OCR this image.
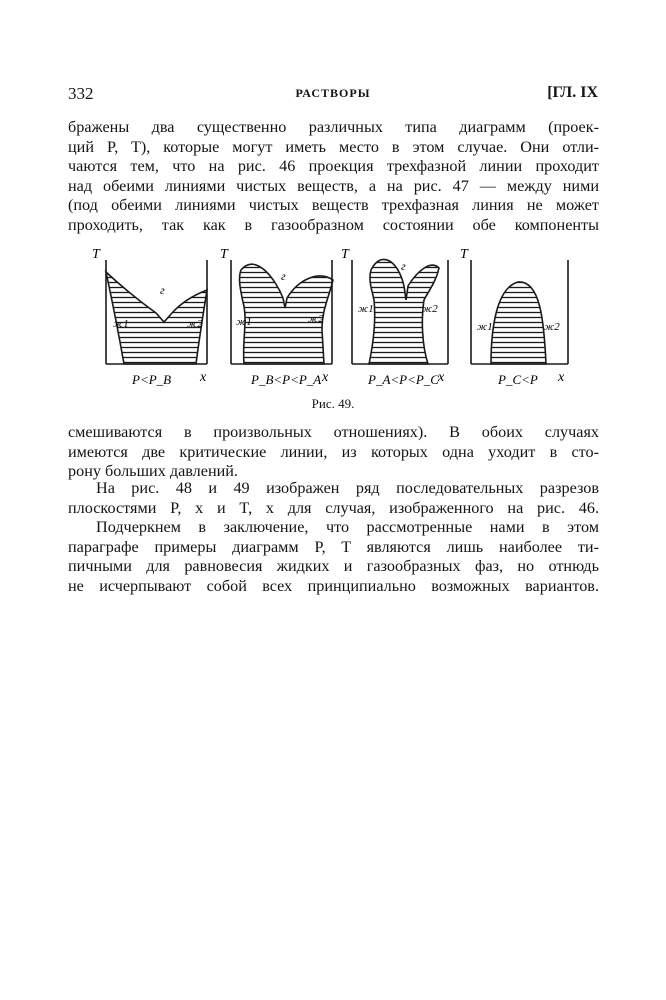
332	РАСТВОРЫ	[ГЛ. IX
бражены два существенно различных типа диаграмм (проек-
ций P, T), которые могут иметь место в этом случае. Они отли-
чаются тем, что на рис. 46 проекция трехфазной линии проходит
над обеими линиями чистых веществ, а на рис. 47 — между ними
(под обеими линиями чистых веществ трехфазная линия не может
проходить, так как в газообразном состоянии обе компоненты
T
г
ж1	ж2
P<P_B x
T
г
ж1	ж2
P_B<P<P_A x
T
г
ж1	ж2
P_A<P<P_C x
T
ж1	ж2
P_C<P x
Рис. 49.
смешиваются в произвольных отношениях). В обоих случаях
имеются две критические линии, из которых одна уходит в сто-
рону больших давлений.
На рис. 48 и 49 изображен ряд последовательных разрезов
плоскостями P, x и T, x для случая, изображенного на рис. 46.
Подчеркнем в заключение, что рассмотренные нами в этом
параграфе примеры диаграмм P, T являются лишь наиболее ти-
пичными для равновесия жидких и газообразных фаз, но отнюдь
не исчерпывают собой всех принципиально возможных вариантов.
